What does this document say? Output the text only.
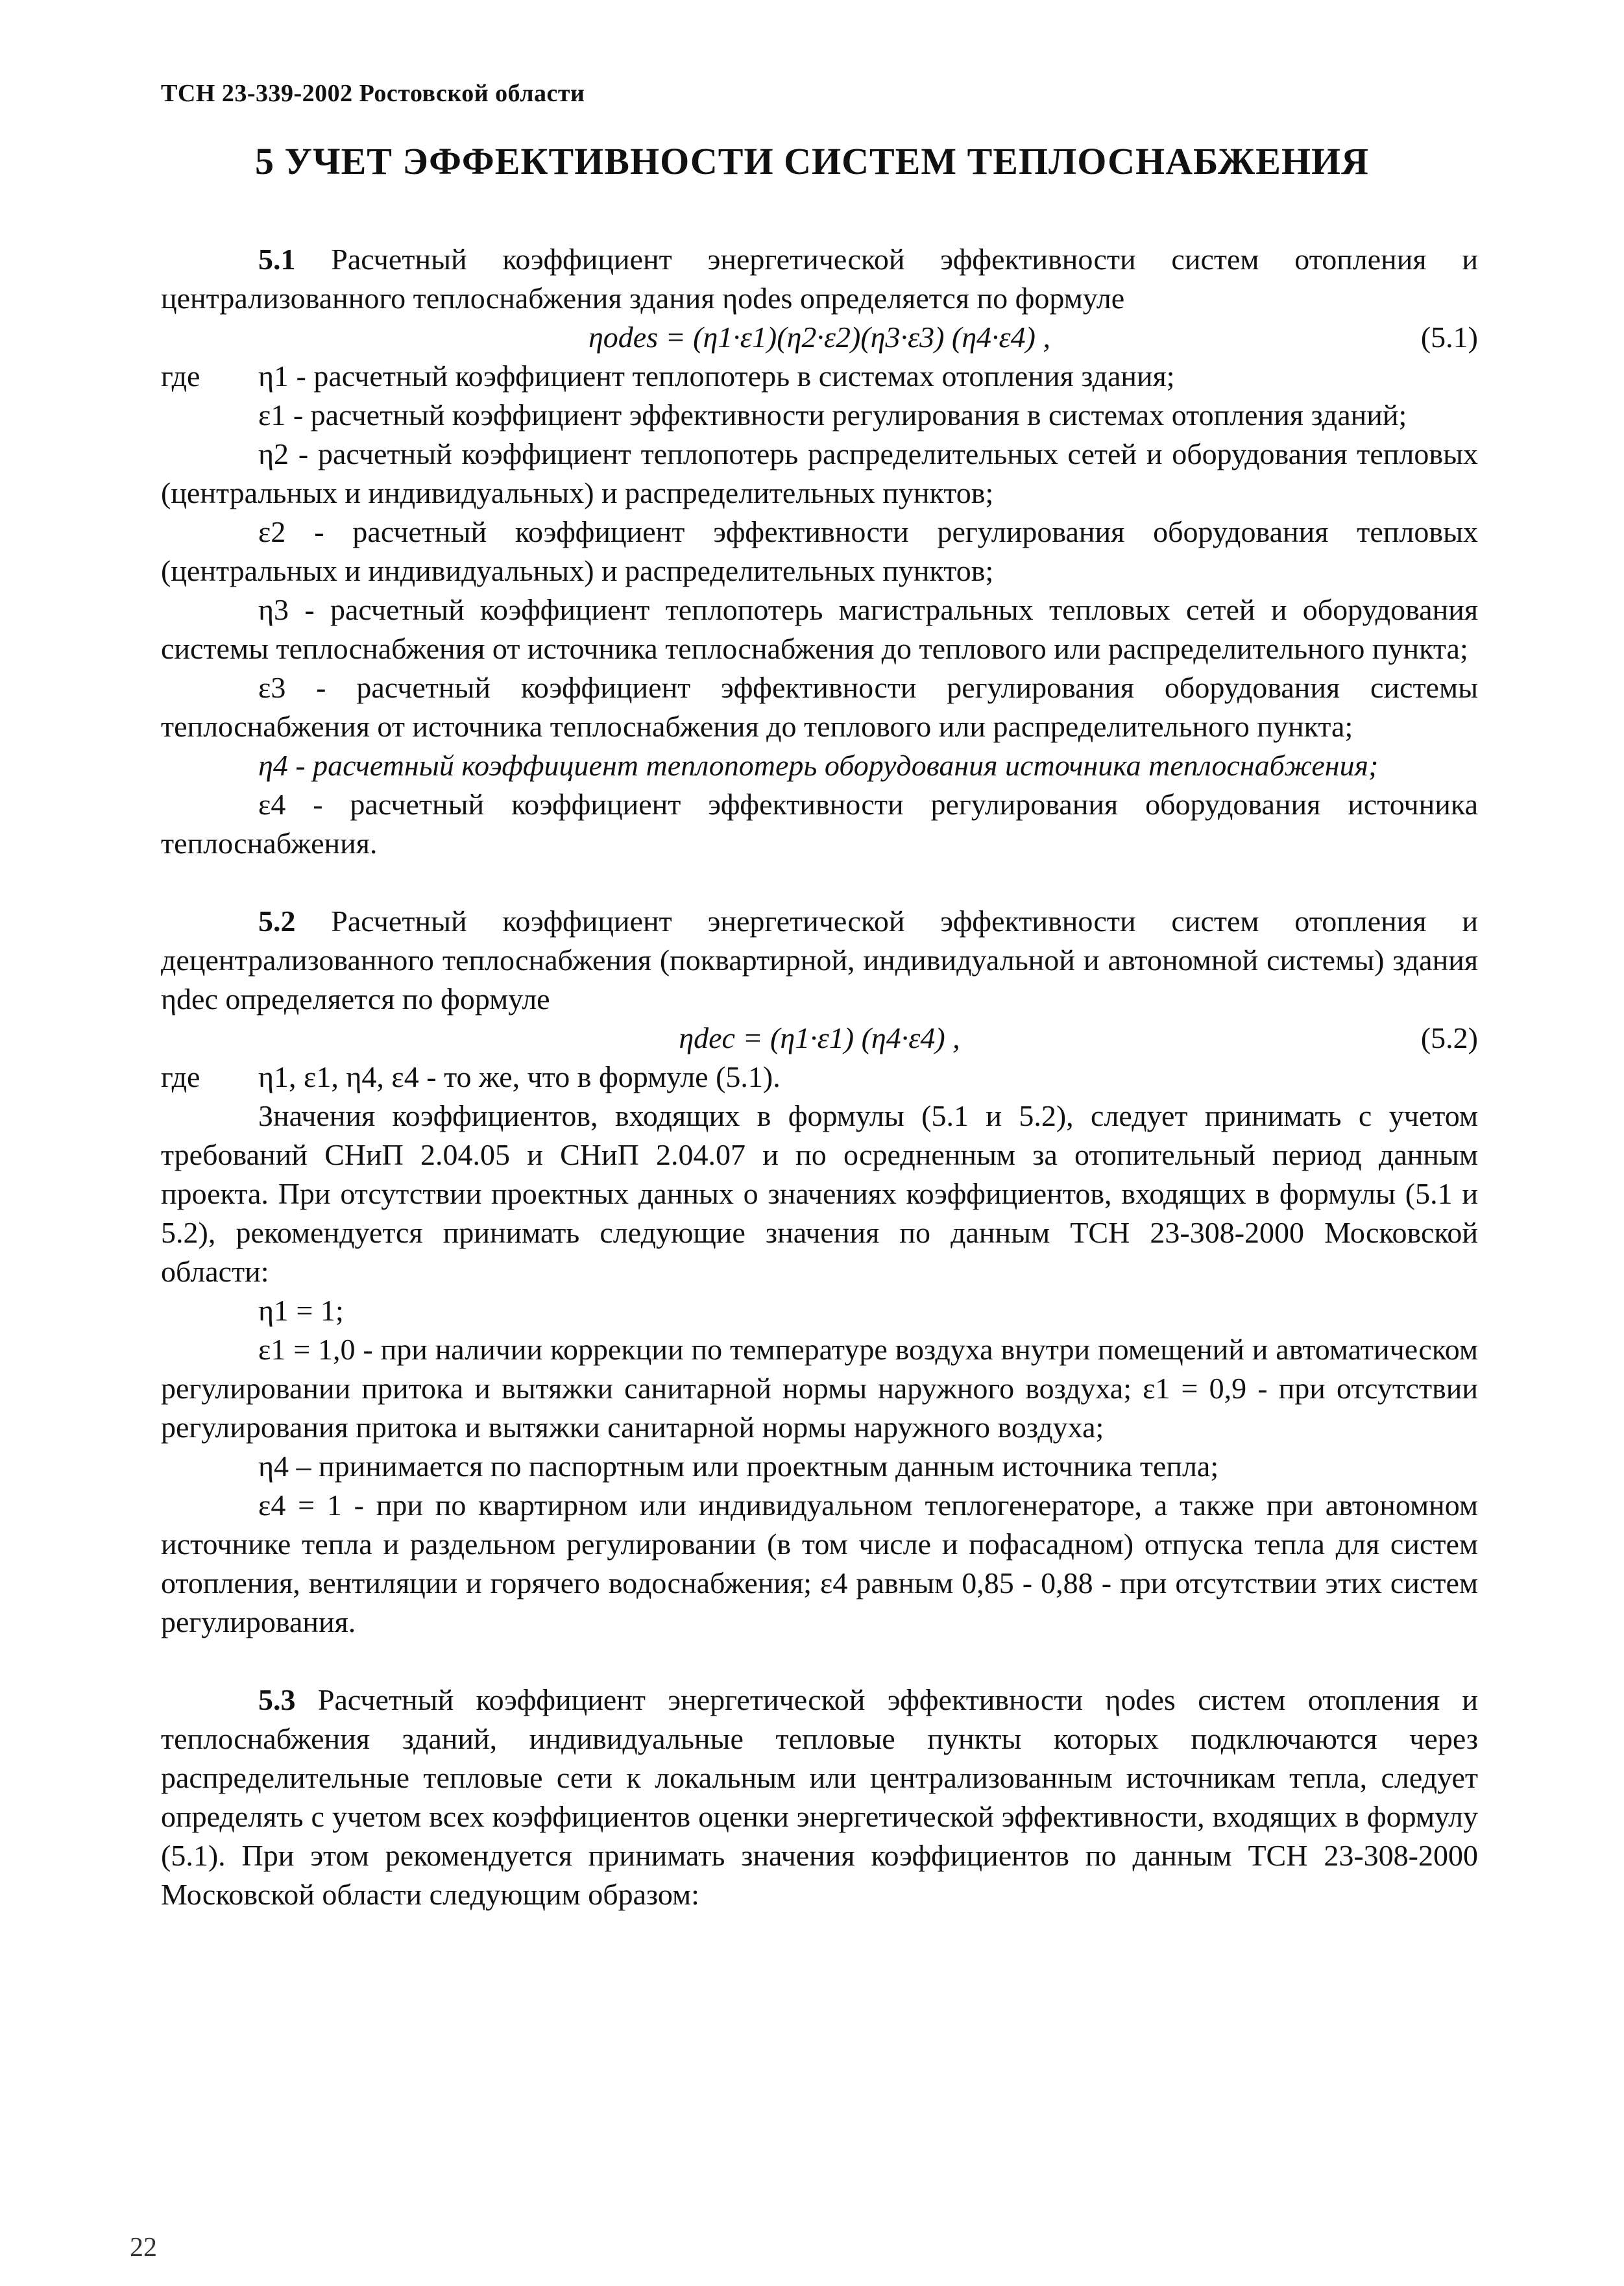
ТСН 23-339-2002 Ростовской области
5 УЧЕТ ЭФФЕКТИВНОСТИ СИСТЕМ ТЕПЛОСНАБЖЕНИЯ

5.1 Расчетный коэффициент энергетической эффективности систем отопления и централизованного теплоснабжения здания ηodes определяется по формуле

ηodes = (η1·ε1)(η2·ε2)(η3·ε3) (η4·ε4) ,	(5.1)

где	η1 - расчетный коэффициент теплопотерь в системах отопления здания;

ε1 - расчетный коэффициент эффективности регулирования в системах отопления зданий;

η2 - расчетный коэффициент теплопотерь распределительных сетей и оборудования тепловых (центральных и индивидуальных) и распределительных пунктов;

ε2 - расчетный коэффициент эффективности регулирования оборудования тепловых (центральных и индивидуальных) и распределительных пунктов;

η3 - расчетный коэффициент теплопотерь магистральных тепловых сетей и оборудования системы теплоснабжения от источника теплоснабжения до теплового или распределительного пункта;

ε3 - расчетный коэффициент эффективности регулирования оборудования системы теплоснабжения от источника теплоснабжения до теплового или распределительного пункта;

η4 - расчетный коэффициент теплопотерь оборудования источника теплоснабжения;

ε4 - расчетный коэффициент эффективности регулирования оборудования источника теплоснабжения.

5.2 Расчетный коэффициент энергетической эффективности систем отопления и децентрализованного теплоснабжения (поквартирной, индивидуальной и автономной системы) здания ηdec определяется по формуле

ηdec = (η1·ε1) (η4·ε4) ,	(5.2)

где	η1, ε1, η4, ε4 - то же, что в формуле (5.1).

Значения коэффициентов, входящих в формулы (5.1 и 5.2), следует принимать с учетом требований СНиП 2.04.05 и СНиП 2.04.07 и по осредненным за отопительный период данным проекта. При отсутствии проектных данных о значениях коэффициентов, входящих в формулы (5.1 и 5.2), рекомендуется принимать следующие значения по данным ТСН 23-308-2000 Московской области:

η1 = 1;

ε1 = 1,0 - при наличии коррекции по температуре воздуха внутри помещений и автоматическом регулировании притока и вытяжки санитарной нормы наружного воздуха; ε1 = 0,9 - при отсутствии регулирования притока и вытяжки санитарной нормы наружного воздуха;

η4 – принимается по паспортным или проектным данным источника тепла;

ε4 = 1 - при по квартирном или индивидуальном теплогенераторе, а также при автономном источнике тепла и раздельном регулировании (в том числе и пофасадном) отпуска тепла для систем отопления, вентиляции и горячего водоснабжения; ε4 равным 0,85 - 0,88 - при отсутствии этих систем регулирования.

5.3 Расчетный коэффициент энергетической эффективности ηodes систем отопления и теплоснабжения зданий, индивидуальные тепловые пункты которых подключаются через распределительные тепловые сети к локальным или централизованным источникам тепла, следует определять с учетом всех коэффициентов оценки энергетической эффективности, входящих в формулу (5.1). При этом рекомендуется принимать значения коэффициентов по данным ТСН 23-308-2000 Московской области следующим образом:

22
